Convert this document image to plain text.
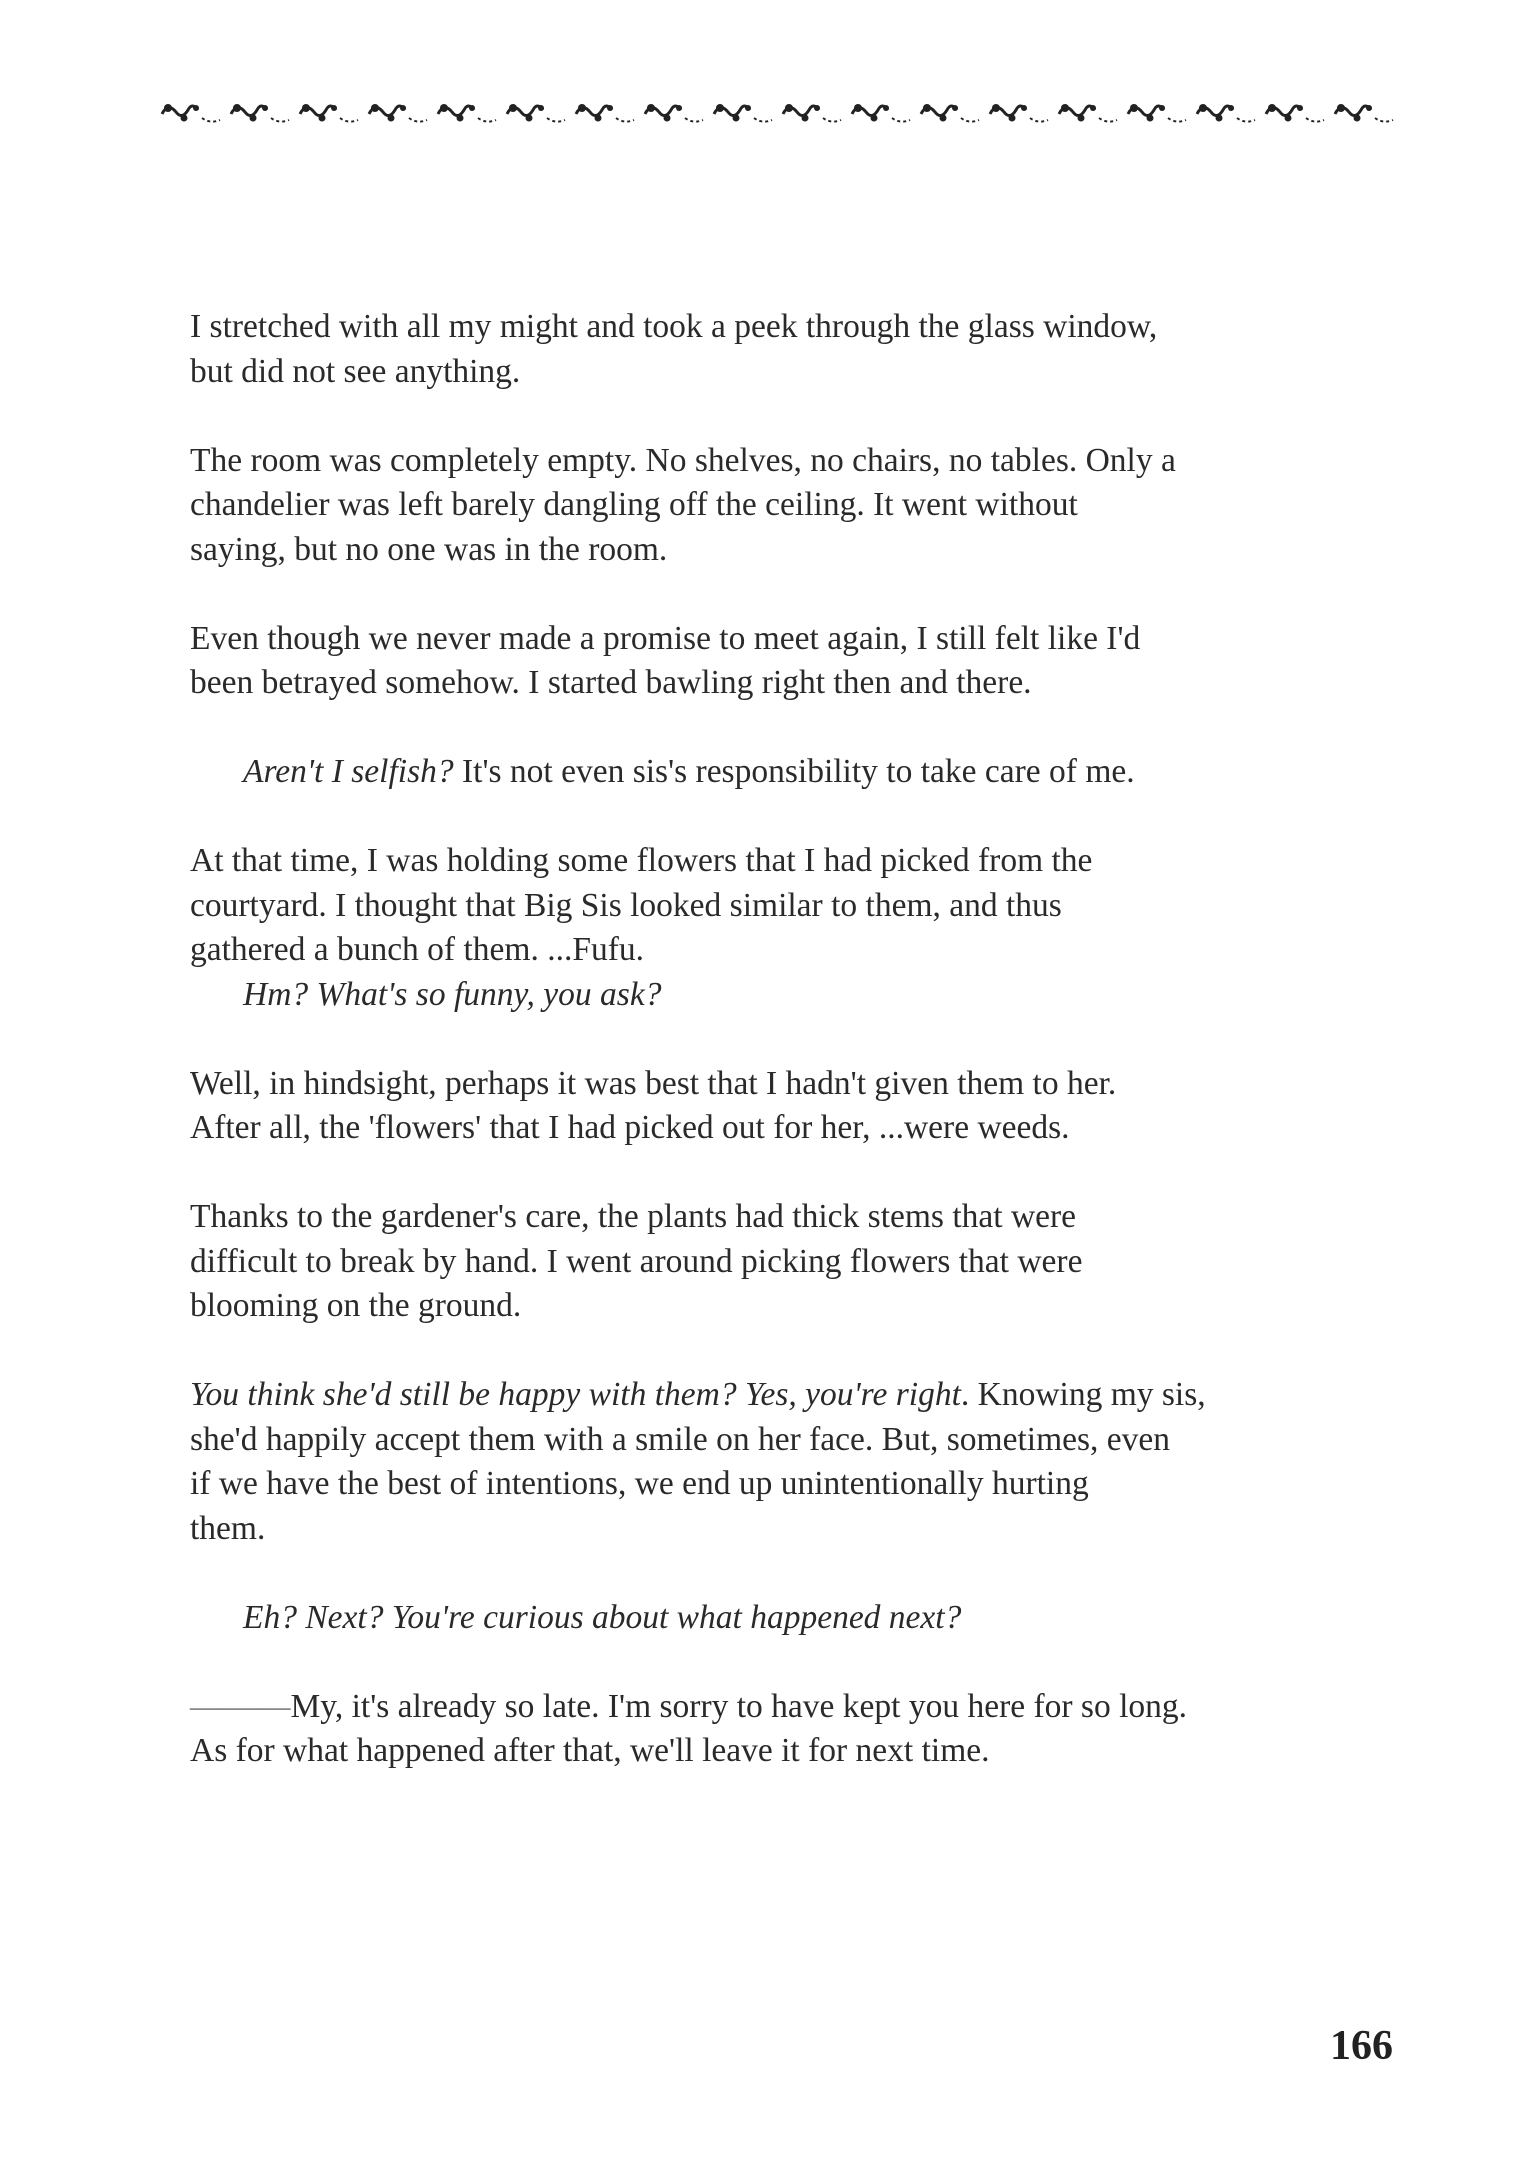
I stretched with all my might and took a peek through the glass window,
but did not see anything.

The room was completely empty. No shelves, no chairs, no tables. Only a
chandelier was left barely dangling off the ceiling. It went without
saying, but no one was in the room.

Even though we never made a promise to meet again, I still felt like I'd
been betrayed somehow. I started bawling right then and there.

Aren't I selfish? It's not even sis's responsibility to take care of me.

At that time, I was holding some flowers that I had picked from the
courtyard. I thought that Big Sis looked similar to them, and thus
gathered a bunch of them. ...Fufu.

Hm? What's so funny, you ask?

Well, in hindsight, perhaps it was best that I hadn't given them to her.
After all, the 'flowers' that I had picked out for her, ...were weeds.

Thanks to the gardener's care, the plants had thick stems that were
difficult to break by hand. I went around picking flowers that were
blooming on the ground.

You think she'd still be happy with them? Yes, you're right. Knowing my sis,
she'd happily accept them with a smile on her face. But, sometimes, even
if we have the best of intentions, we end up unintentionally hurting
them.

Eh? Next? You're curious about what happened next?

———My, it's already so late. I'm sorry to have kept you here for so long.
As for what happened after that, we'll leave it for next time.

166
